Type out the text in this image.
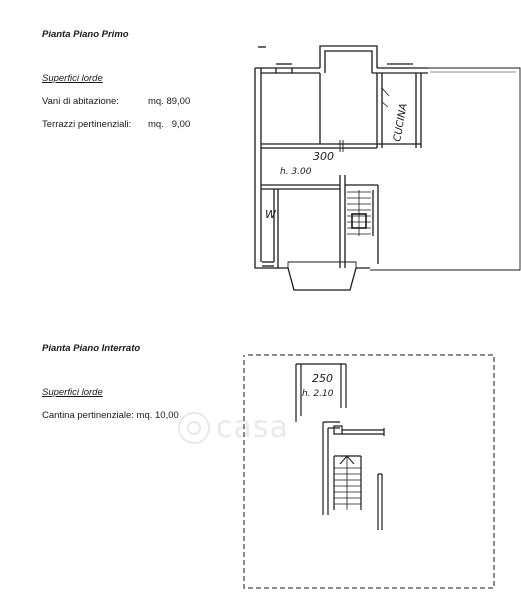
Pianta Piano Primo
Superfici lorde
Vani di abitazione:	mq. 89,00
Terrazzi pertinenziali: mq.   9,00	CUCINA
300
h. 3.00
W
Pianta Piano Interrato
Superfici lorde
Cantina pertinenziale: mq. 10,00 casa
250
h. 2.10
